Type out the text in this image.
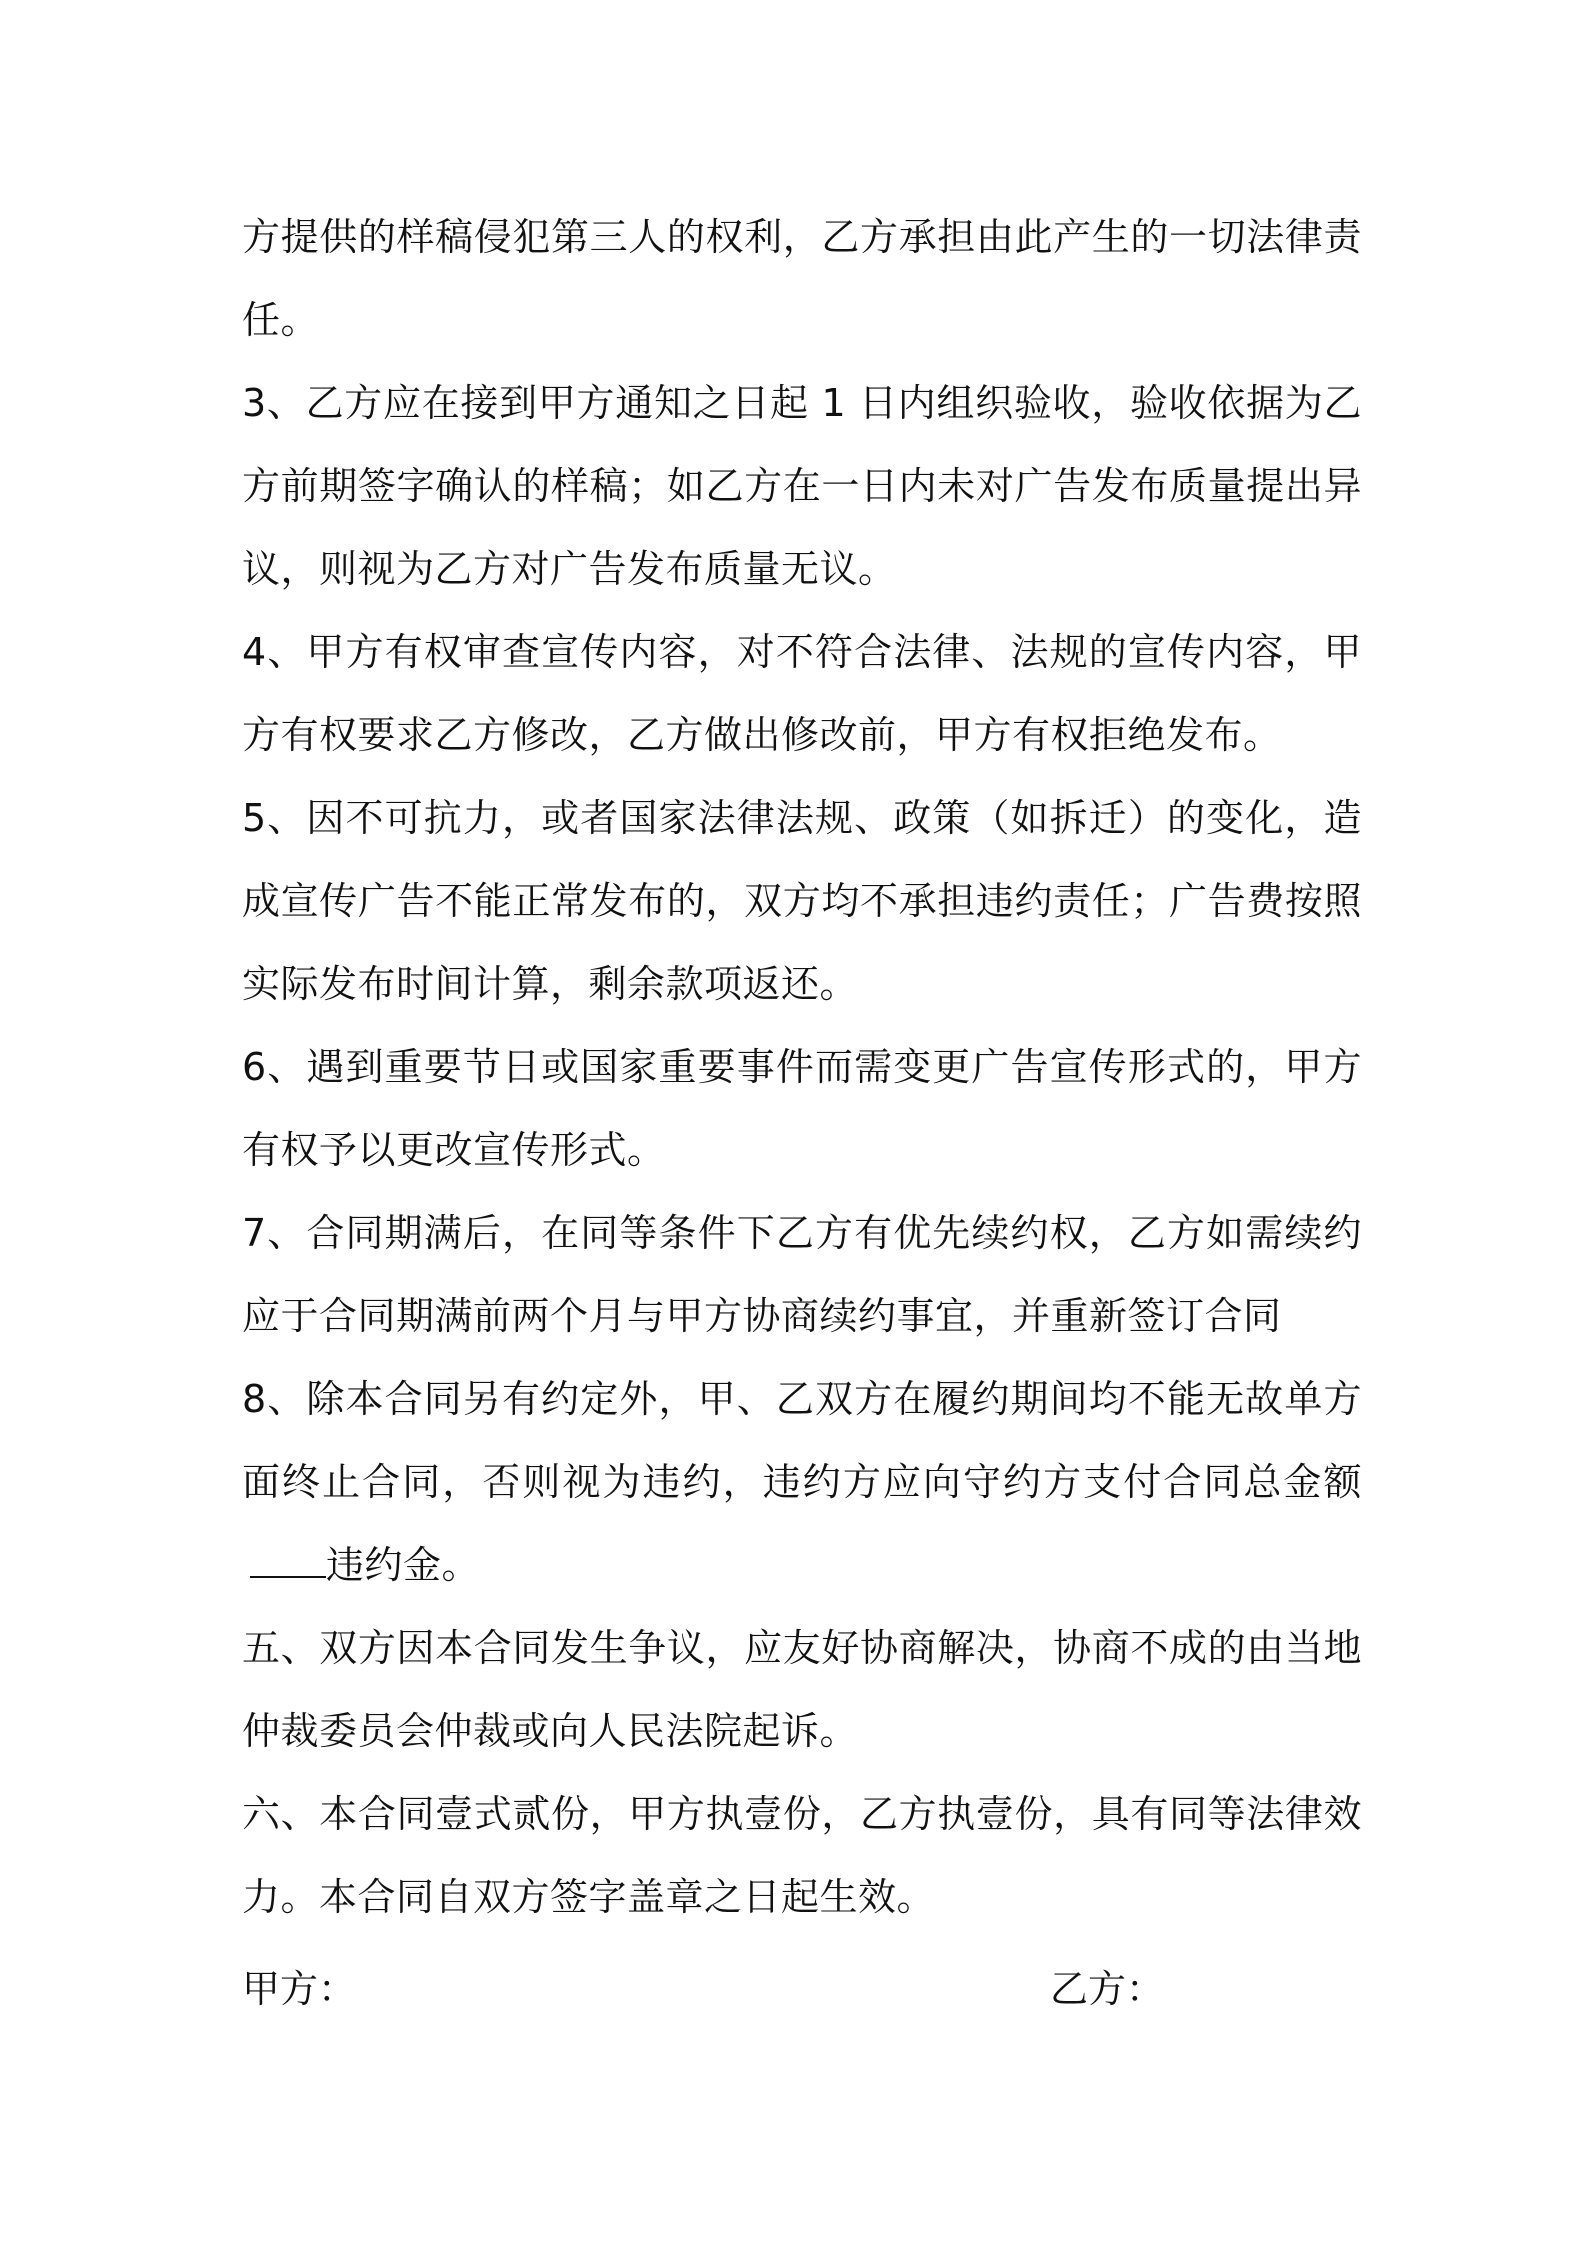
方提供的样稿侵犯第三人的权利，乙方承担由此产生的一切法律责任。

3、乙方应在接到甲方通知之日起 1 日内组织验收，验收依据为乙方前期签字确认的样稿；如乙方在一日内未对广告发布质量提出异议，则视为乙方对广告发布质量无议。

4、甲方有权审查宣传内容，对不符合法律、法规的宣传内容，甲方有权要求乙方修改，乙方做出修改前，甲方有权拒绝发布。

5、因不可抗力，或者国家法律法规、政策（如拆迁）的变化，造成宣传广告不能正常发布的，双方均不承担违约责任；广告费按照实际发布时间计算，剩余款项返还。

6、遇到重要节日或国家重要事件而需变更广告宣传形式的，甲方有权予以更改宣传形式。

7、合同期满后，在同等条件下乙方有优先续约权，乙方如需续约应于合同期满前两个月与甲方协商续约事宜，并重新签订合同

8、除本合同另有约定外，甲、乙双方在履约期间均不能无故单方面终止合同，否则视为违约，违约方应向守约方支付合同总金额违约金。

五、双方因本合同发生争议，应友好协商解决，协商不成的由当地仲裁委员会仲裁或向人民法院起诉。

六、本合同壹式贰份，甲方执壹份，乙方执壹份，具有同等法律效力。本合同自双方签字盖章之日起生效。

甲方：	乙方：
